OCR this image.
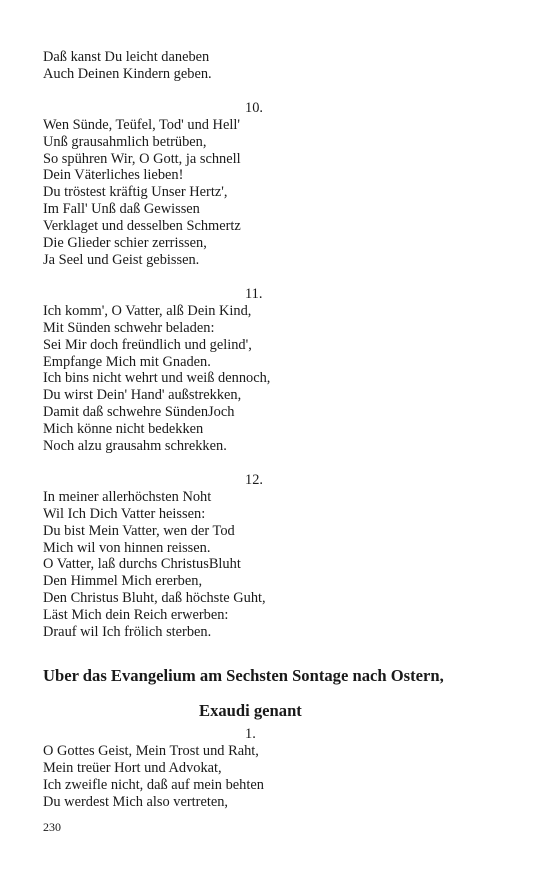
Daß kanst Du leicht daneben

Auch Deinen Kindern geben.

10.

Wen Sünde, Teüfel, Tod' und Hell'

Unß grausahmlich betrüben,

So spühren Wir, O Gott, ja schnell

Dein Väterliches lieben!

Du tröstest kräftig Unser Hertz',

Im Fall' Unß daß Gewissen

Verklaget und desselben Schmertz

Die Glieder schier zerrissen,

Ja Seel und Geist gebissen.

11.

Ich komm', O Vatter, alß Dein Kind,

Mit Sünden schwehr beladen:

Sei Mir doch freündlich und gelind',

Empfange Mich mit Gnaden.

Ich bins nicht wehrt und weiß dennoch,

Du wirst Dein' Hand' außstrekken,

Damit daß schwehre SündenJoch

Mich könne nicht bedekken

Noch alzu grausahm schrekken.

12.

In meiner allerhöchsten Noht

Wil Ich Dich Vatter heissen:

Du bist Mein Vatter, wen der Tod

Mich wil von hinnen reissen.

O Vatter, laß durchs ChristusBluht

Den Himmel Mich ererben,

Den Christus Bluht, daß höchste Guht,

Läst Mich dein Reich erwerben:

Drauf wil Ich frölich sterben.

Uber das Evangelium am Sechsten Sontage nach Ostern,
Exaudi genant

1.

O Gottes Geist, Mein Trost und Raht,

Mein treüer Hort und Advokat,

Ich zweifle nicht, daß auf mein behten

Du werdest Mich also vertreten,

230
